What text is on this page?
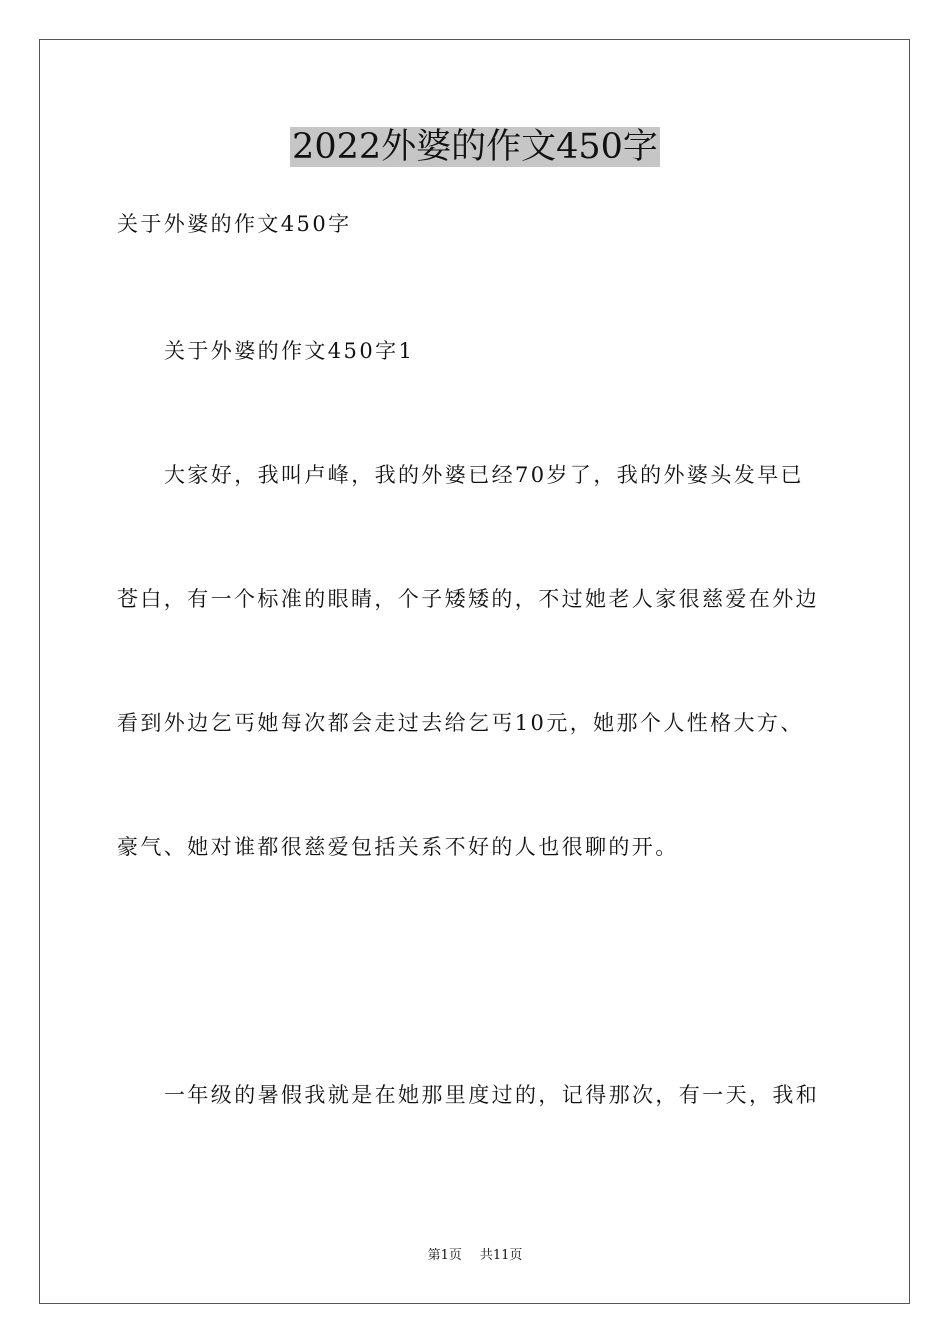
2022外婆的作文450字
关于外婆的作文450字
关于外婆的作文450字1
大家好，我叫卢峰，我的外婆已经70岁了，我的外婆头发早已
苍白，有一个标准的眼睛，个子矮矮的，不过她老人家很慈爱在外边
看到外边乞丐她每次都会走过去给乞丐10元，她那个人性格大方、
豪气、她对谁都很慈爱包括关系不好的人也很聊的开。
一年级的暑假我就是在她那里度过的，记得那次，有一天，我和
第1页 共11页
